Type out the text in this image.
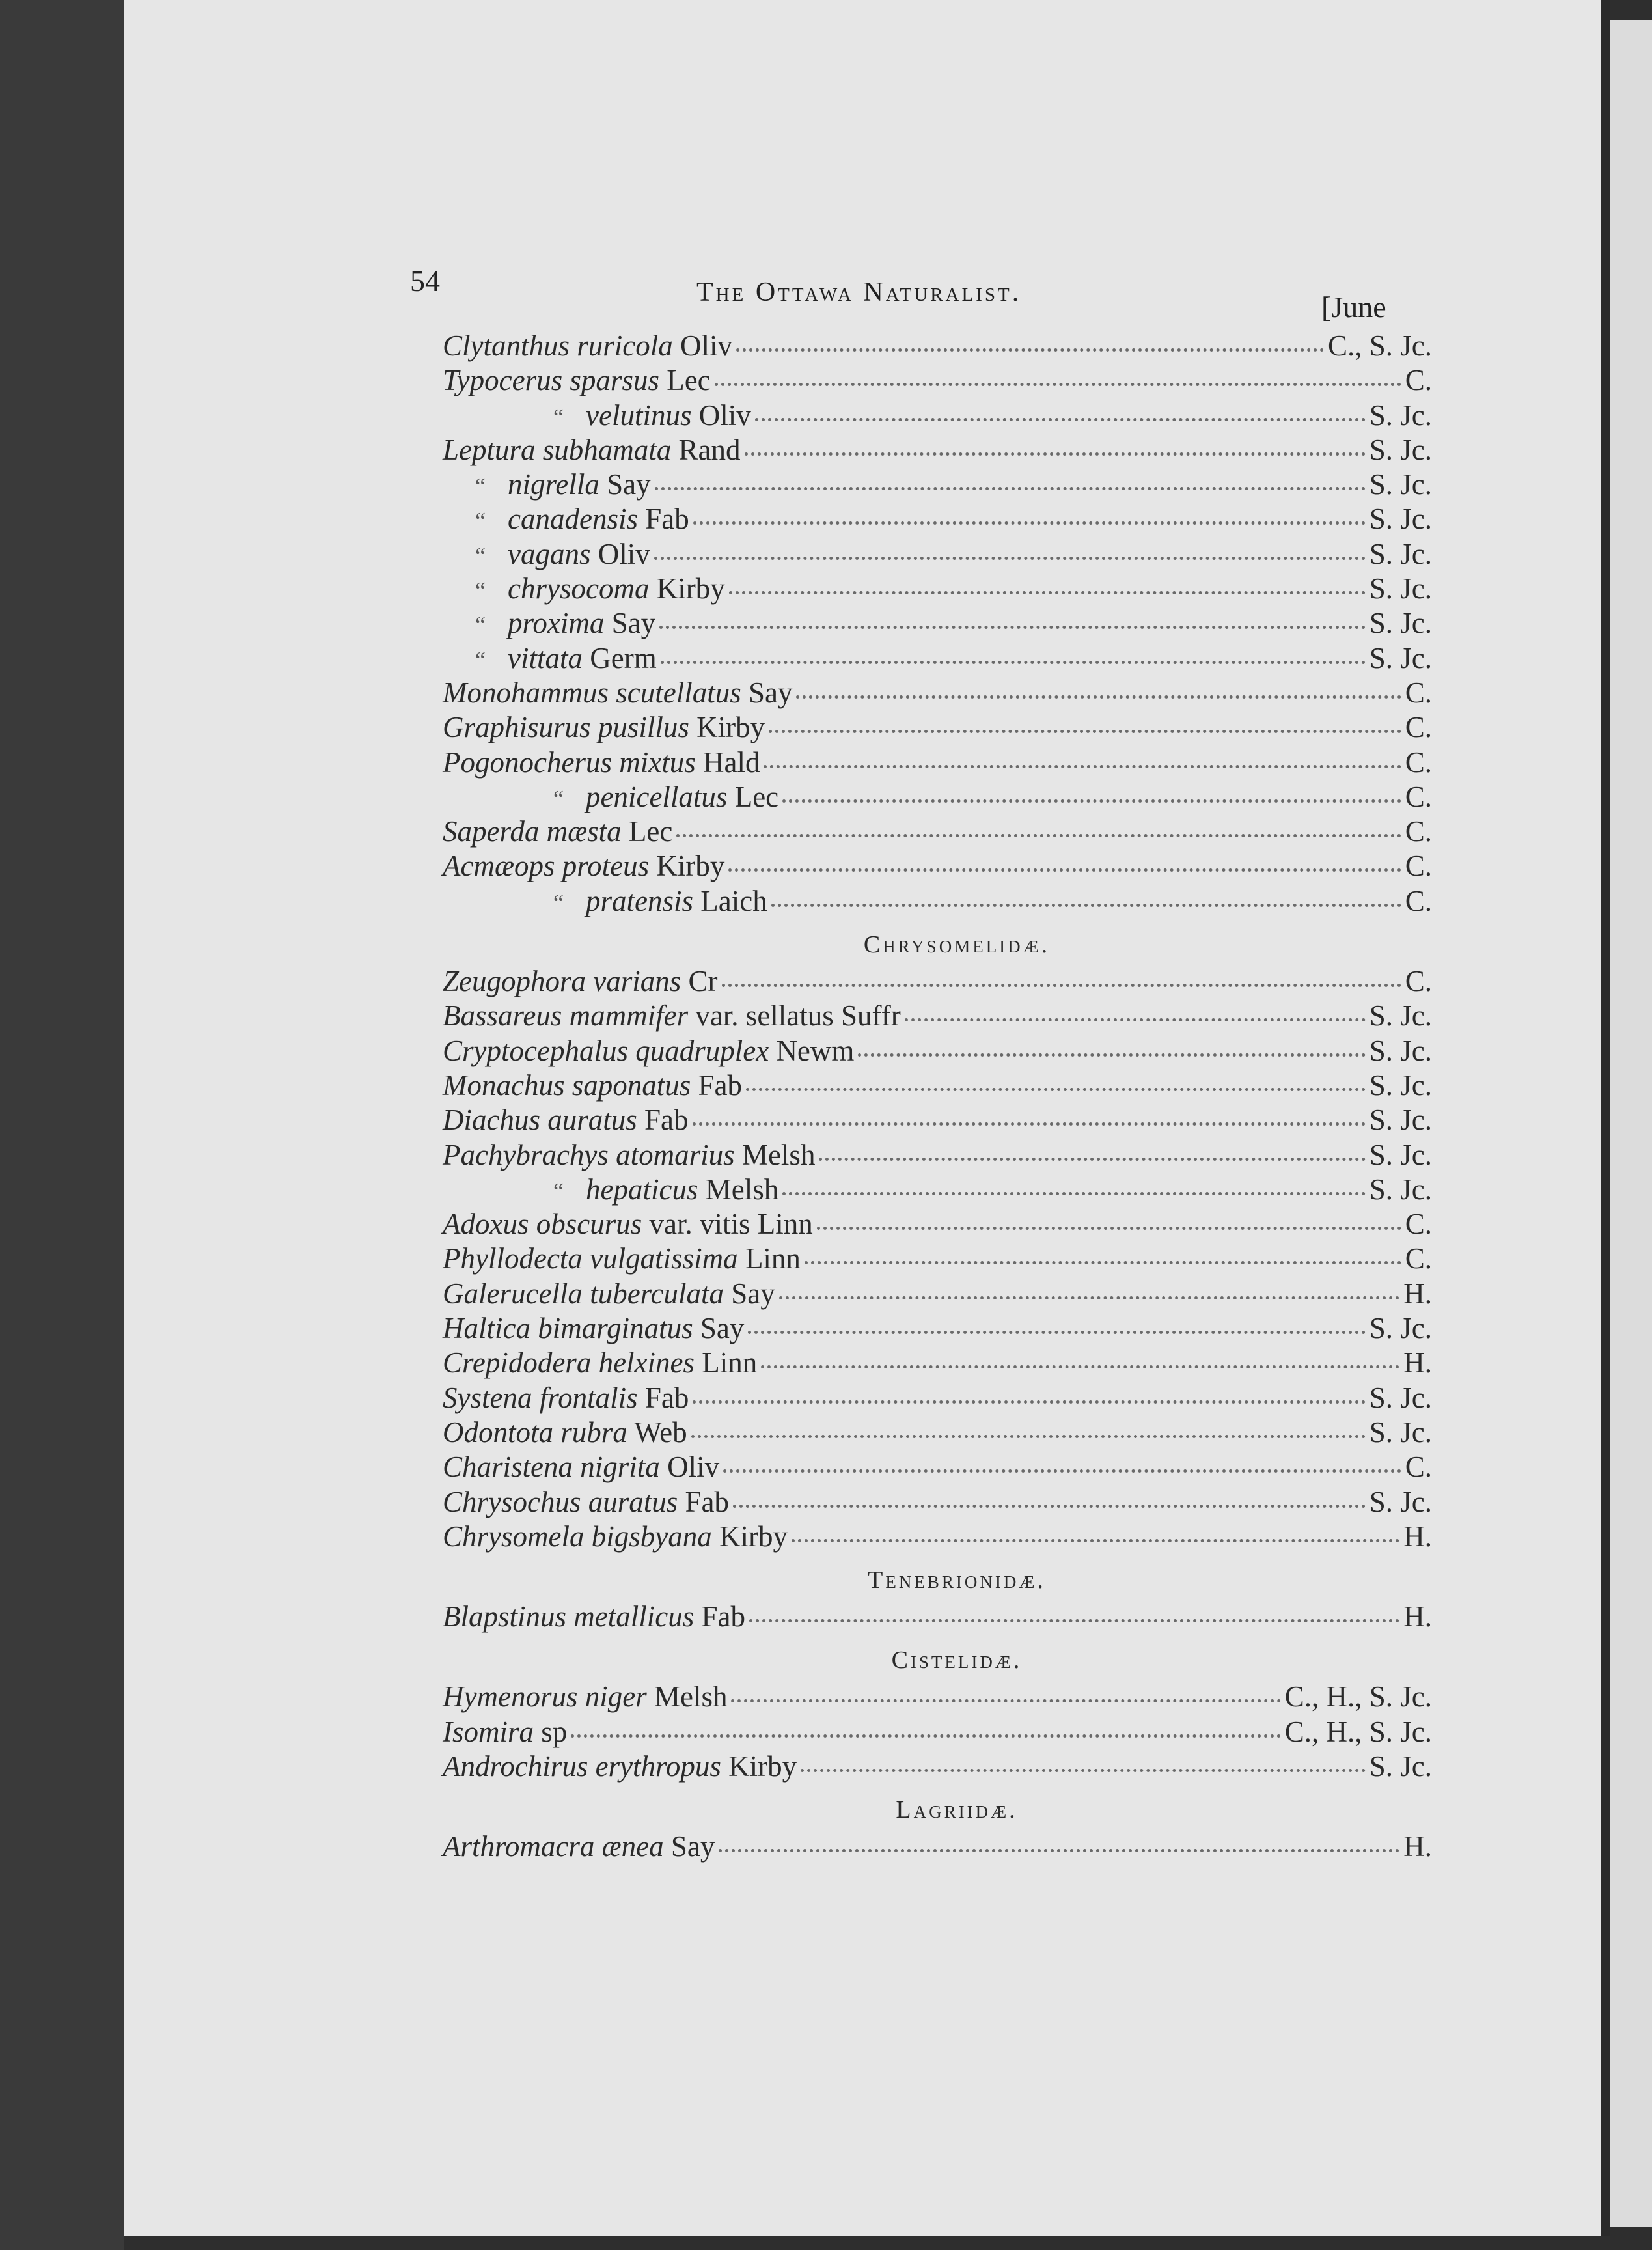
54	The Ottawa Naturalist.	[June
Clytanthus ruricola Oliv	C., S. Jc.
Typocerus sparsus Lec	C.
“ velutinus Oliv	S. Jc.
Leptura subhamata Rand	S. Jc.
“ nigrella Say	S. Jc.
“ canadensis Fab	S. Jc.
“ vagans Oliv	S. Jc.
“ chrysocoma Kirby	S. Jc.
“ proxima Say	S. Jc.
“ vittata Germ	S. Jc.
Monohammus scutellatus Say	C.
Graphisurus pusillus Kirby	C.
Pogonocherus mixtus Hald	C.
“ penicellatus Lec	C.
Saperda mæsta Lec	C.
Acmæops proteus Kirby	C.
“ pratensis Laich	C.
Chrysomelidæ.
Zeugophora varians Cr	C.
Bassareus mammifer var. sellatus Suffr	S. Jc.
Cryptocephalus quadruplex Newm	S. Jc.
Monachus saponatus Fab	S. Jc.
Diachus auratus Fab	S. Jc.
Pachybrachys atomarius Melsh	S. Jc.
“ hepaticus Melsh	S. Jc.
Adoxus obscurus var. vitis Linn	C.
Phyllodecta vulgatissima Linn	C.
Galerucella tuberculata Say	H.
Haltica bimarginatus Say	S. Jc.
Crepidodera helxines Linn	H.
Systena frontalis Fab	S. Jc.
Odontota rubra Web	S. Jc.
Charistena nigrita Oliv	C.
Chrysochus auratus Fab	S. Jc.
Chrysomela bigsbyana Kirby	H.
Tenebrionidæ.
Blapstinus metallicus Fab	H.
Cistelidæ.
Hymenorus niger Melsh	C., H., S. Jc.
Isomira sp	C., H., S. Jc.
Androchirus erythropus Kirby	S. Jc.
Lagriidæ.
Arthromacra ænea Say	H.
